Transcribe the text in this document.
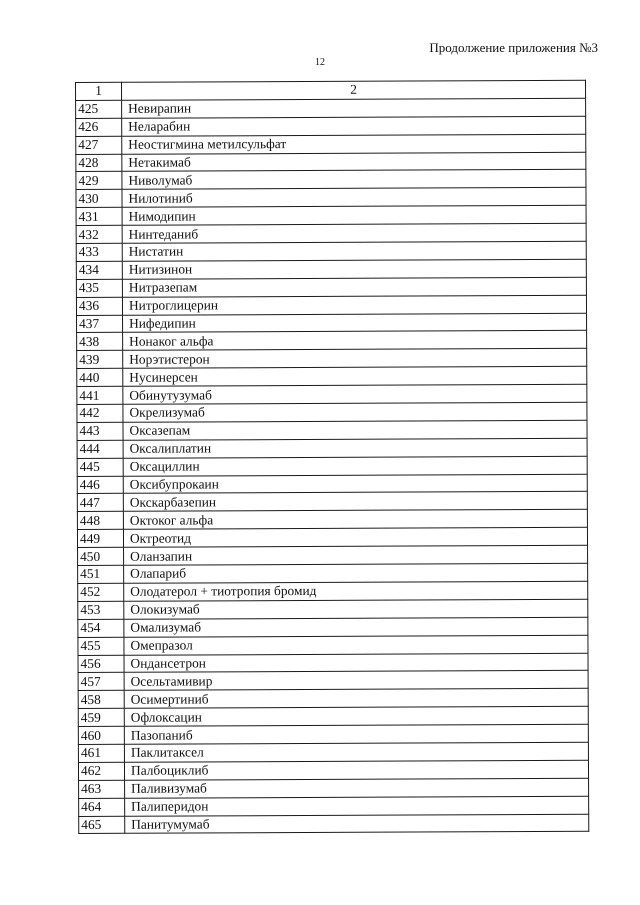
Продолжение приложения №3
12
1	2
425	Невирапин
426	Неларабин
427	Неостигмина метилсульфат
428	Нетакимаб
429	Ниволумаб
430	Нилотиниб
431	Нимодипин
432	Нинтеданиб
433	Нистатин
434	Нитизинон
435	Нитразепам
436	Нитроглицерин
437	Нифедипин
438	Нонаког альфа
439	Норэтистерон
440	Нусинерсен
441	Обинутузумаб
442	Окрелизумаб
443	Оксазепам
444	Оксалиплатин
445	Оксациллин
446	Оксибупрокаин
447	Окскарбазепин
448	Октоког альфа
449	Октреотид
450	Оланзапин
451	Олапариб
452	Олодатерол + тиотропия бромид
453	Олокизумаб
454	Омализумаб
455	Омепразол
456	Ондансетрон
457	Осельтамивир
458	Осимертиниб
459	Офлоксацин
460	Пазопаниб
461	Паклитаксел
462	Палбоциклиб
463	Паливизумаб
464	Палиперидон
465	Панитумумаб
